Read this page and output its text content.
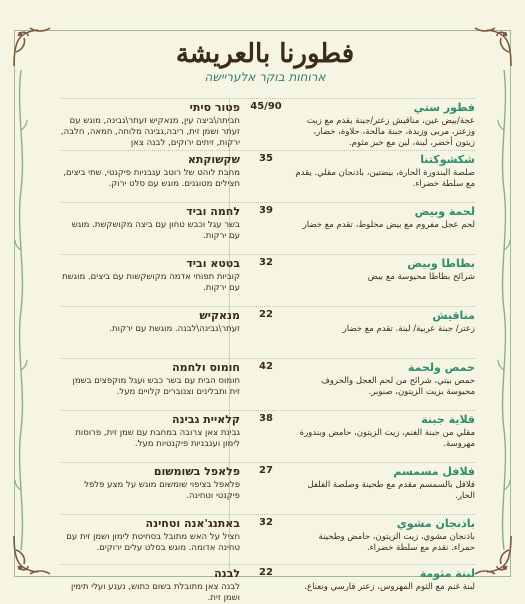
فطورنا بالعريشة
ארוחות בוקר אלעריישה
פטור סיתי
חביתה\ביצה עין, מנאקיש זעתר\גבינה, מוגש עם זעתר ושמן זית, ריבה,גבינה מלוחה, חמאה, חלבה, ירקות, זיתים ירוקים, לבנה צאן
45/90	فطور ستي
عجة/بيض عين، مناقيش زعتر/جبنة يقدم مع زيت وزعتر، مربى وزبدة، جبنة مالحة، حلاوة، خضار، زيتون أخضر، لبنة، لبن مع خبز مثوم.
שקשוקתא
מחבת לוהט של רוטב עגבניות פיקנטי, שתי ביצים, חצילים מטוגנים. מוגש עם סלט ירוק.
35	شكشوكتنا
صلصة البندورة الحارة، بيضتين، باذنجان مقلي. يقدم مع سلطة خضراء.
לחמה וביד
בשר עגל וכבש טחון עם ביצה מקושקשת. מוגש עם ירקות.
39	لحمة وبيض
لحم عجل مفروم مع بيض مخلوط، تقدم مع خضار
בטטא וביד
קוביות תפוחי אדמה מקושקשות עם ביצים. מוגשת עם ירקות.
32	بطاطا وبيض
شرائح بطاطا محيوسة مع بيض
מנאקיש
זעתר\גבינה\לבנה. מוגשת עם ירקות.
22	مناقيش
زعتر/ جبنة عربية/ لبنة. تقدم مع خضار
חומוס ולחמה
חומוס הבית עם בשר כבש ועגל מוקפצים בשמן זית ותבלינים וצנוברים קלויים מעל.
42	حمص ولحمة
حمص بيتي، شرائح من لحم العجل والخروف محيوسة بزيت الزيتون، صنوبر.
קלאיית גבינה
גבינת צאן צרובה במחבת עם שמן זית, פרוסות לימון ועגבניות פיקנטיות מעל.
38	قلاية جبنة
مقلي من جبنة الغنم، زيت الزيتون، حامض وبندورة مهروسة.
פלאפל בשומשום
פלאפל בציפוי שומשום מוגש על מצע פלפל פיקנטי וטחינה.
27	فلافل مسمسم
فلافل بالسمسم مقدم مع طحينة وصلصة الفلفل الحار.
באתנג'אנה וטחינה
חציל על האש מתובל בסחיטת לימון ושמן זית עם טחינה אדומה. מוגש בסלט עלים ירוקים.
32	باذنجان مشوي
باذنجان مشوي، زيت الزيتون، حامض وطحينة حمراء. تقدم مع سلطة خضراء.
לבנה
לבנה צאן מתובלת בשום כתוש, נענע ועלי תימין ושמן זית.
22	لبنة مثومة
لبنة غنم مع الثوم المهروس، زعتر فارسي ونعناع.
